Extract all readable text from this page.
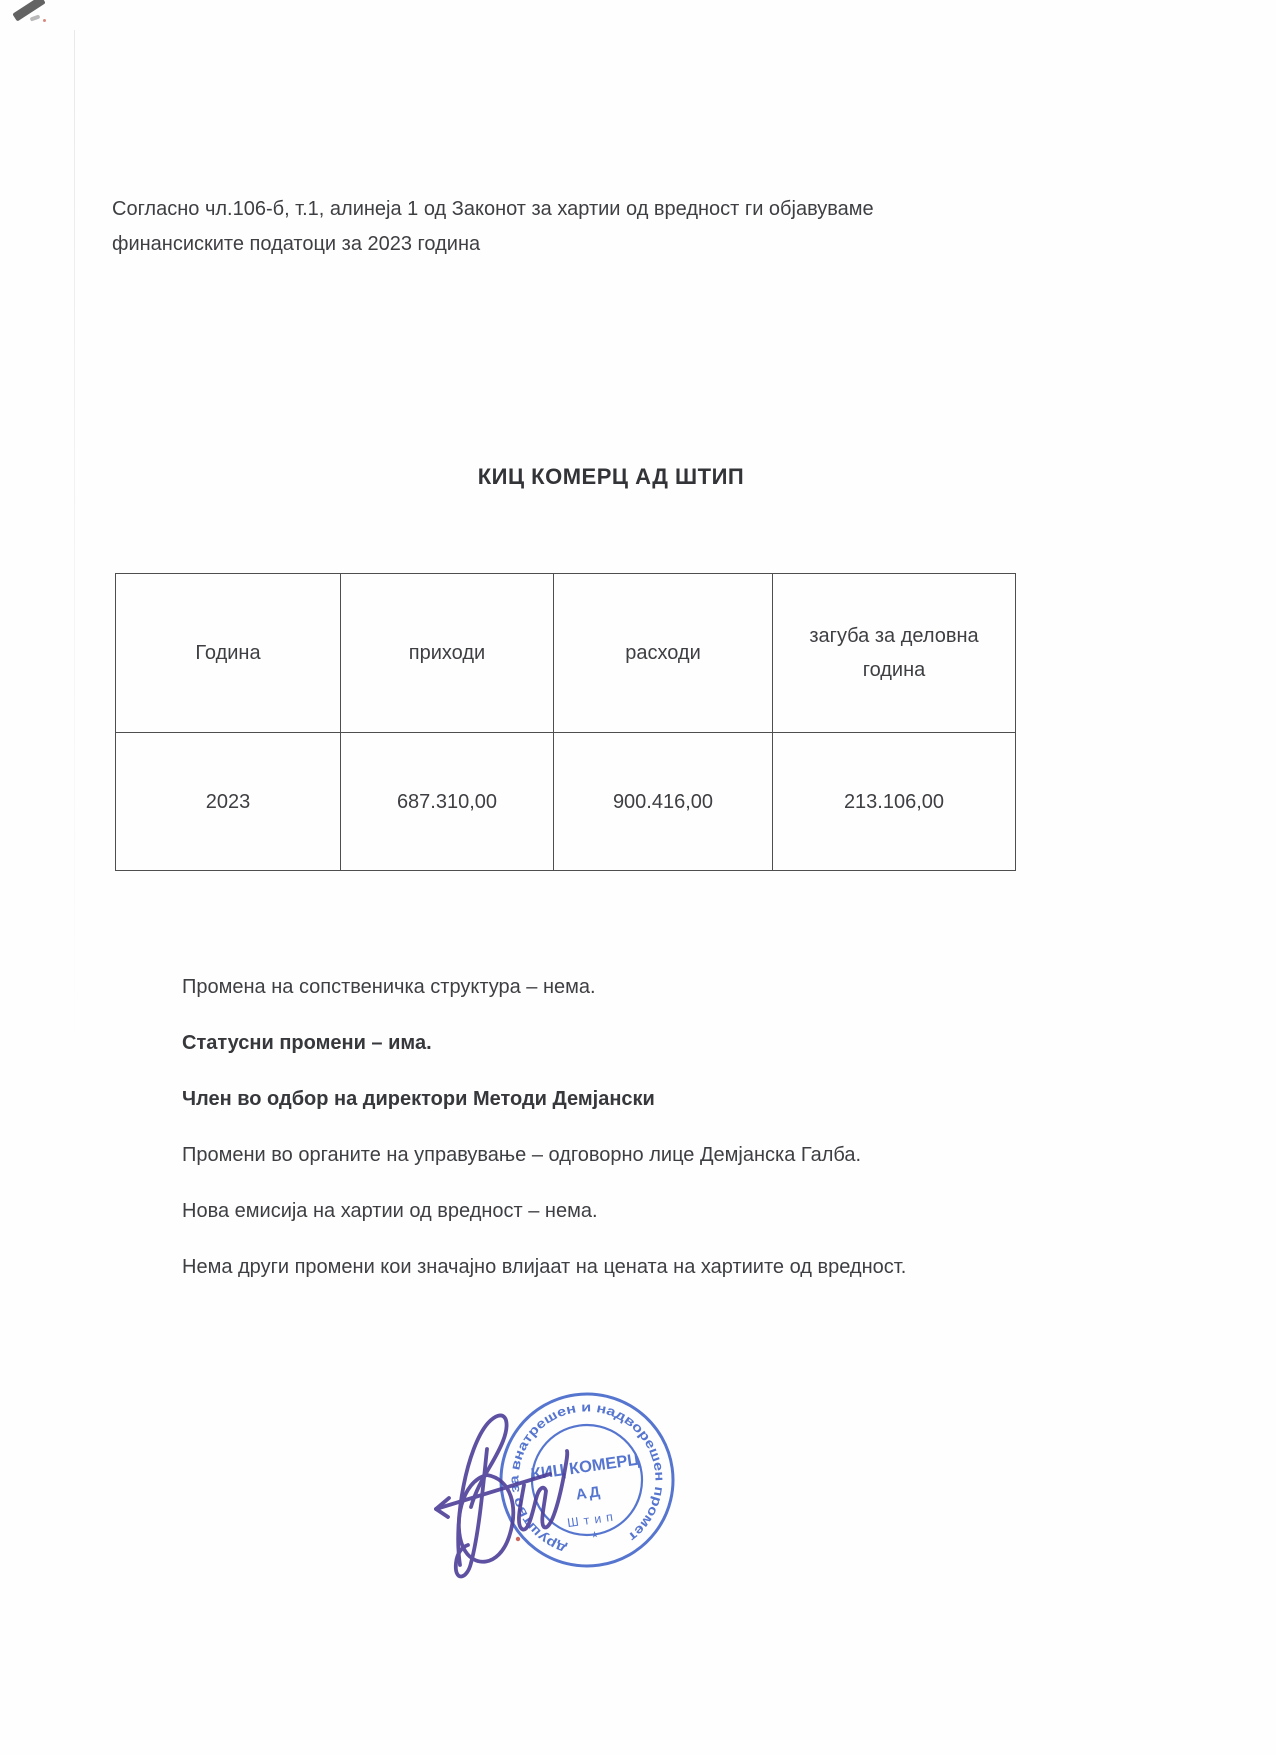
Согласно чл.106-б, т.1, алинеја 1 од Законот за хартии од вредност ги објавуваме финансиските податоци за 2023 година
КИЦ КОМЕРЦ АД ШТИП
Година	приходи	расходи	загуба за деловна година
2023	687.310,00	900.416,00	213.106,00

Промена на сопственичка структура – нема.

Статусни промени – има.

Член во одбор на директори Методи Демјански

Промени во органите на управување – одговорно лице Демјанска Галба.

Нова емисија на хартии од вредност – нема.

Нема други промени кои значајно влијаат на цената на хартиите од вредност.

друштво за внатрешен и надворешен промет
КИЦ КОМЕРЦ
АД
Штип
★
